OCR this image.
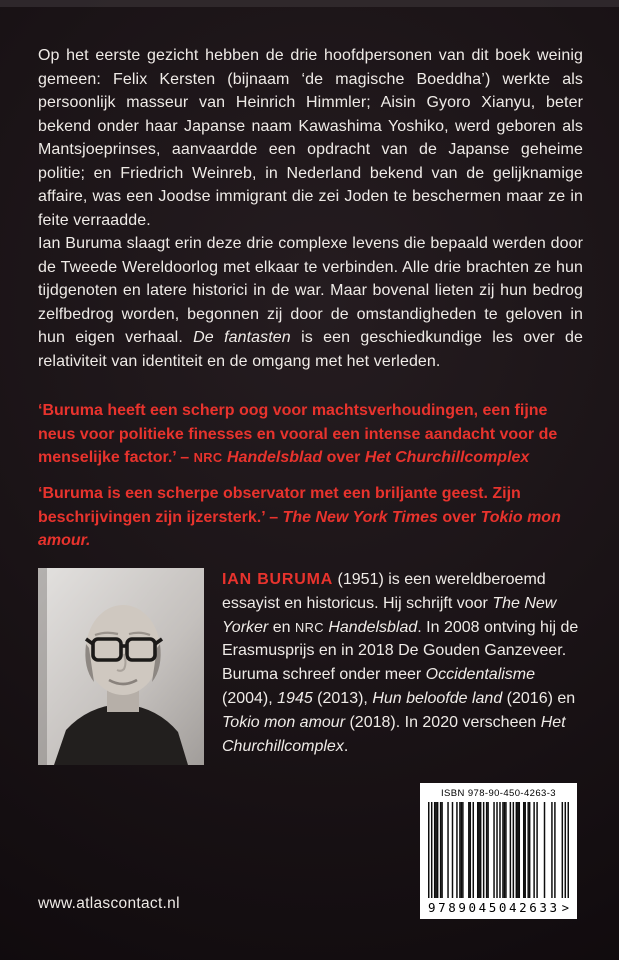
Op het eerste gezicht hebben de drie hoofdpersonen van dit boek weinig gemeen: Felix Kersten (bijnaam ‘de magische Boeddha’) werkte als persoonlijk masseur van Heinrich Himmler; Aisin Gyoro Xianyu, beter bekend onder haar Japanse naam Kawashima Yoshiko, werd geboren als Mantsjoeprinses, aanvaardde een opdracht van de Japanse geheime politie; en Friedrich Weinreb, in Nederland bekend van de gelijknamige affaire, was een Joodse immigrant die zei Joden te beschermen maar ze in feite verraadde.

Ian Buruma slaagt erin deze drie complexe levens die bepaald werden door de Tweede Wereldoorlog met elkaar te verbinden. Alle drie brachten ze hun tijdgenoten en latere historici in de war. Maar bovenal lieten zij hun bedrog zelfbedrog worden, begonnen zij door de omstandigheden te geloven in hun eigen verhaal. De fantasten is een geschiedkundige les over de relativiteit van identiteit en de omgang met het verleden.

‘Buruma heeft een scherp oog voor machtsverhoudingen, een fijne neus voor politieke finesses en vooral een intense aandacht voor de menselijke factor.’ – NRC Handelsblad over Het Churchillcomplex
‘Buruma is een scherpe observator met een briljante geest. Zijn beschrijvingen zijn ijzersterk.’ – The New York Times over Tokio mon amour.

IAN BURUMA (1951) is een wereldberoemd essayist en historicus. Hij schrijft voor The New Yorker en NRC Handelsblad. In 2008 ontving hij de Erasmusprijs en in 2018 De Gouden Ganzeveer. Buruma schreef onder meer Occidentalisme (2004), 1945 (2013), Hun beloofde land (2016) en Tokio mon amour (2018). In 2020 verscheen Het Churchillcomplex.

www.atlascontact.nl
ISBN 978-90-450-4263-3
9789045042633 >
